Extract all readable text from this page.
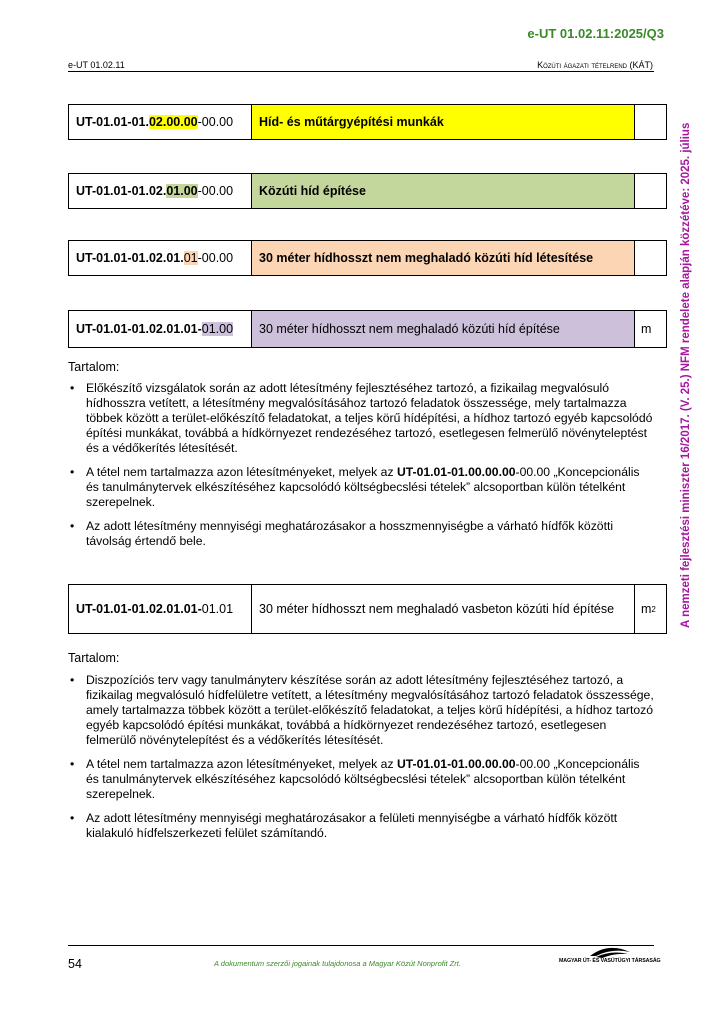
e-UT 01.02.11:2025/Q3
e-UT 01.02.11	Közúti ágazati tételrend (KÁT)
A nemzeti fejlesztési miniszter 16/2017. (V. 25.) NFM rendelete alapján közzétéve: 2025. július
UT-01.01-01. 02.00.00 -00.00	Híd- és műtárgyépítési munkák
UT-01.01-01.02. 01.00 -00.00	Közúti híd építése
UT-01.01-01.02.01. 01 -00.00	30 méter hídhosszt nem meghaladó közúti híd létesítése
UT-01.01-01.02.01.01- 01.00	30 méter hídhosszt nem meghaladó közúti híd építése	m
Tartalom:
• Előkészítő vizsgálatok során az adott létesítmény fejlesztéséhez tartozó, a fizikailag megvalósuló hídhosszra vetített, a létesítmény megvalósításához tartozó feladatok összessége, mely tartalmazza többek között a terület-előkészítő feladatokat, a teljes körű hídépítési, a hídhoz tartozó egyéb kapcsolódó építési munkákat, továbbá a hídkörnyezet rendezéséhez tartozó, esetlegesen felmerülő növényteleptést és a védőkerítés létesítését.
• A tétel nem tartalmazza azon létesítményeket, melyek az UT-01.01-01.00.00.00-00.00 „Koncepcionális és tanulmánytervek elkészítéséhez kapcsolódó költségbecslési tételek” alcsoportban külön tételként szerepelnek.
• Az adott létesítmény mennyiségi meghatározásakor a hosszmennyiségbe a várható hídfők közötti távolság értendő bele.
UT-01.01-01.02.01.01- 01.01	30 méter hídhosszt nem meghaladó vasbeton közúti híd építése	m 2
Tartalom:
• Diszpozíciós terv vagy tanulmányterv készítése során az adott létesítmény fejlesztéséhez tartozó, a fizikailag megvalósuló hídfelületre vetített, a létesítmény megvalósításához tartozó feladatok összessége, amely tartalmazza többek között a terület-előkészítő feladatokat, a teljes körű hídépítési, a hídhoz tartozó egyéb kapcsolódó építési munkákat, továbbá a hídkörnyezet rendezéséhez tartozó, esetlegesen felmerülő növénytelepítést és a védőkerítés létesítését.
• A tétel nem tartalmazza azon létesítményeket, melyek az UT-01.01-01.00.00.00-00.00 „Koncepcionális és tanulmánytervek elkészítéséhez kapcsolódó költségbecslési tételek” alcsoportban külön tételként szerepelnek.
• Az adott létesítmény mennyiségi meghatározásakor a felületi mennyiségbe a várható hídfők között kialakuló hídfelszerkezeti felület számítandó.
54	A dokumentum szerzői jogainak tulajdonosa a Magyar Közút Nonprofit Zrt.	MAGYAR ÚT- ÉS VASÚTÜGYI TÁRSASÁG
